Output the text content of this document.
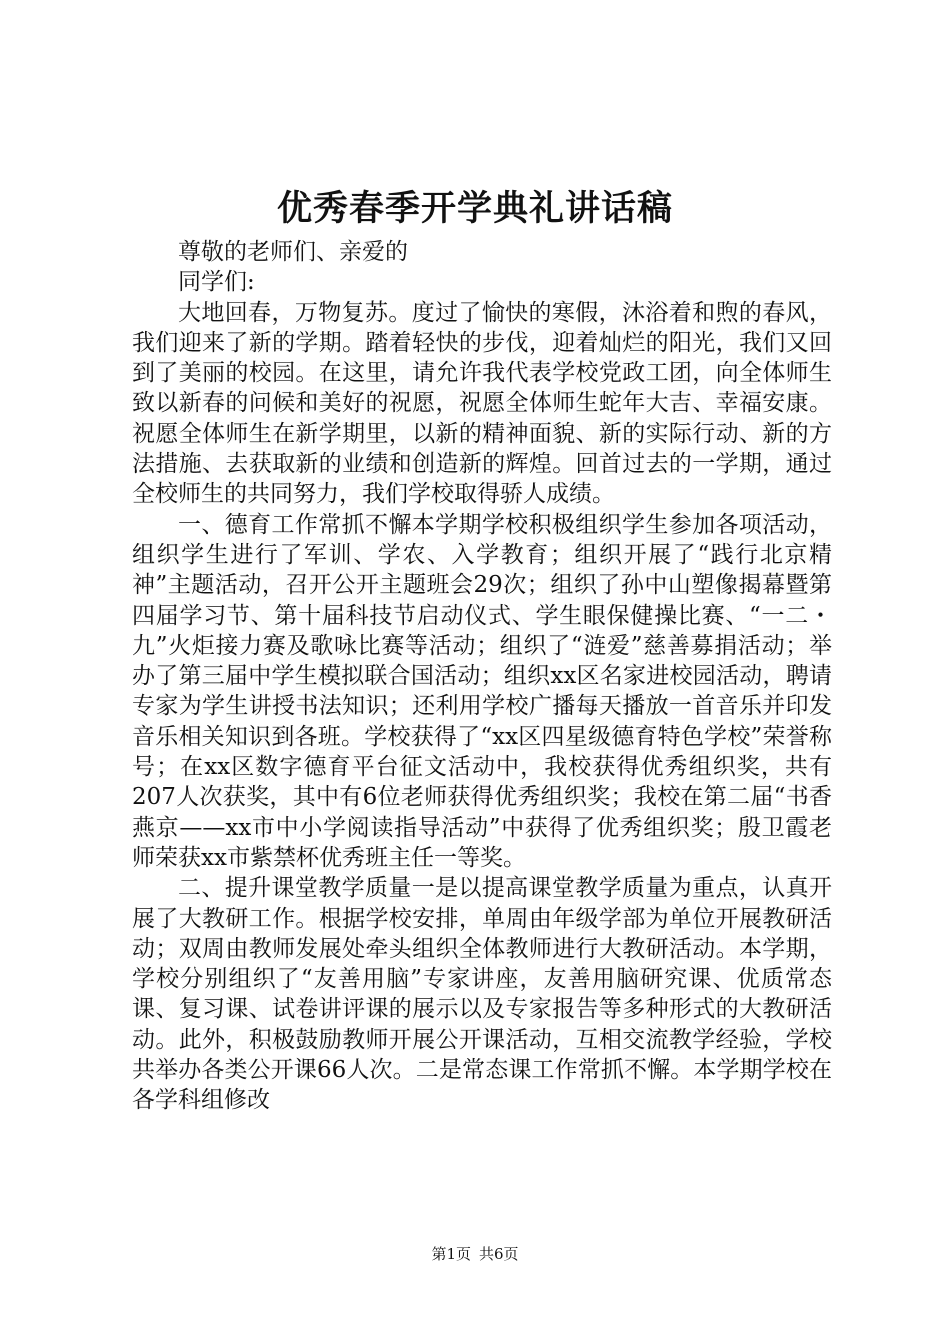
优秀春季开学典礼讲话稿

尊敬的老师们、亲爱的

同学们:

大地回春，万物复苏。度过了愉快的寒假，沐浴着和煦的春风，我们迎来了新的学期。踏着轻快的步伐，迎着灿烂的阳光，我们又回到了美丽的校园。在这里，请允许我代表学校党政工团，向全体师生致以新春的问候和美好的祝愿，祝愿全体师生蛇年大吉、幸福安康。祝愿全体师生在新学期里，以新的精神面貌、新的实际行动、新的方法措施、去获取新的业绩和创造新的辉煌。回首过去的一学期，通过全校师生的共同努力，我们学校取得骄人成绩。

一、德育工作常抓不懈本学期学校积极组织学生参加各项活动，组织学生进行了军训、学农、入学教育；组织开展了“践行北京精神”主题活动，召开公开主题班会29次；组织了孙中山塑像揭幕暨第四届学习节、第十届科技节启动仪式、学生眼保健操比赛、“一二・九”火炬接力赛及歌咏比赛等活动；组织了“涟爱”慈善募捐活动；举办了第三届中学生模拟联合国活动；组织xx区名家进校园活动，聘请专家为学生讲授书法知识；还利用学校广播每天播放一首音乐并印发音乐相关知识到各班。学校获得了“xx区四星级德育特色学校”荣誉称号；在xx区数字德育平台征文活动中，我校获得优秀组织奖，共有207人次获奖，其中有6位老师获得优秀组织奖；我校在第二届“书香燕京——xx市中小学阅读指导活动”中获得了优秀组织奖；殷卫霞老师荣获xx市紫禁杯优秀班主任一等奖。

二、提升课堂教学质量一是以提高课堂教学质量为重点，认真开展了大教研工作。根据学校安排，单周由年级学部为单位开展教研活动；双周由教师发展处牵头组织全体教师进行大教研活动。本学期，学校分别组织了“友善用脑”专家讲座，友善用脑研究课、优质常态课、复习课、试卷讲评课的展示以及专家报告等多种形式的大教研活动。此外，积极鼓励教师开展公开课活动，互相交流教学经验，学校共举办各类公开课66人次。二是常态课工作常抓不懈。本学期学校在各学科组修改

第1页 共6页
